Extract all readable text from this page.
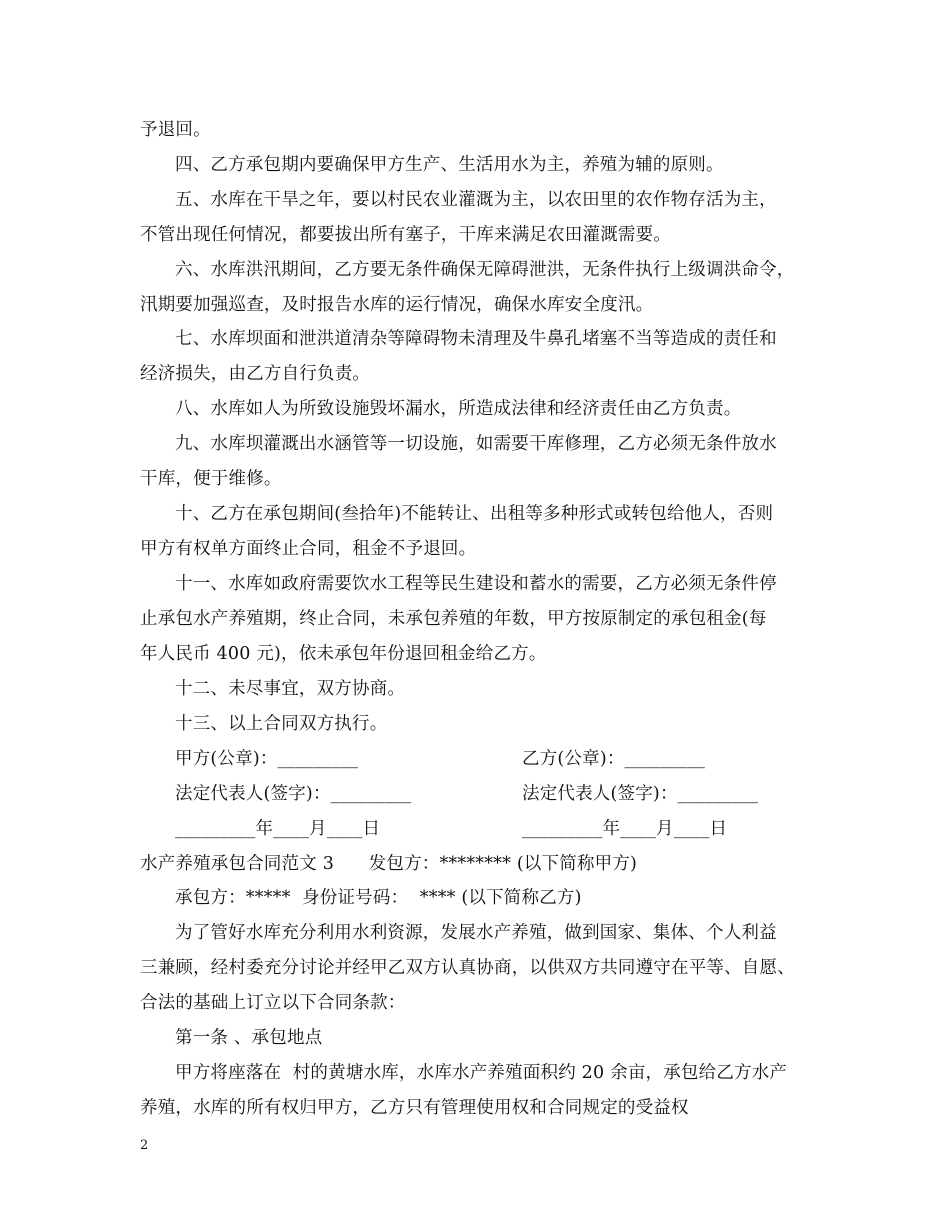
予退回。
四、乙方承包期内要确保甲方生产、生活用水为主，养殖为辅的原则。
五、水库在干旱之年，要以村民农业灌溉为主，以农田里的农作物存活为主，
不管出现任何情况，都要拔出所有塞子，干库来满足农田灌溉需要。
六、水库洪汛期间，乙方要无条件确保无障碍泄洪，无条件执行上级调洪命令，
汛期要加强巡查，及时报告水库的运行情况，确保水库安全度汛。
七、水库坝面和泄洪道清杂等障碍物未清理及牛鼻孔堵塞不当等造成的责任和
经济损失，由乙方自行负责。
八、水库如人为所致设施毁坏漏水，所造成法律和经济责任由乙方负责。
九、水库坝灌溉出水涵管等一切设施，如需要干库修理，乙方必须无条件放水
干库，便于维修。
十、乙方在承包期间(叁拾年)不能转让、出租等多种形式或转包给他人，否则
甲方有权单方面终止合同，租金不予退回。
十一、水库如政府需要饮水工程等民生建设和蓄水的需要，乙方必须无条件停
止承包水产养殖期，终止合同，未承包养殖的年数，甲方按原制定的承包租金(每
年人民币 400 元)，依未承包年份退回租金给乙方。
十二、未尽事宜，双方协商。
十三、以上合同双方执行。
甲方(公章)：_________	乙方(公章)：_________
法定代表人(签字)：_________	法定代表人(签字)：_________
_________年____月____日	_________年____月____日
水产养殖承包合同范文 3      发包方：******** (以下简称甲方)
承包方：*****  身份证号码：  **** (以下简称乙方)
为了管好水库充分利用水利资源，发展水产养殖，做到国家、集体、个人利益
三兼顾，经村委充分讨论并经甲乙双方认真协商，以供双方共同遵守在平等、自愿、
合法的基础上订立以下合同条款：
第一条 、承包地点
甲方将座落在  村的黄塘水库，水库水产养殖面积约 20 余亩，承包给乙方水产
养殖，水库的所有权归甲方，乙方只有管理使用权和合同规定的受益权
2
